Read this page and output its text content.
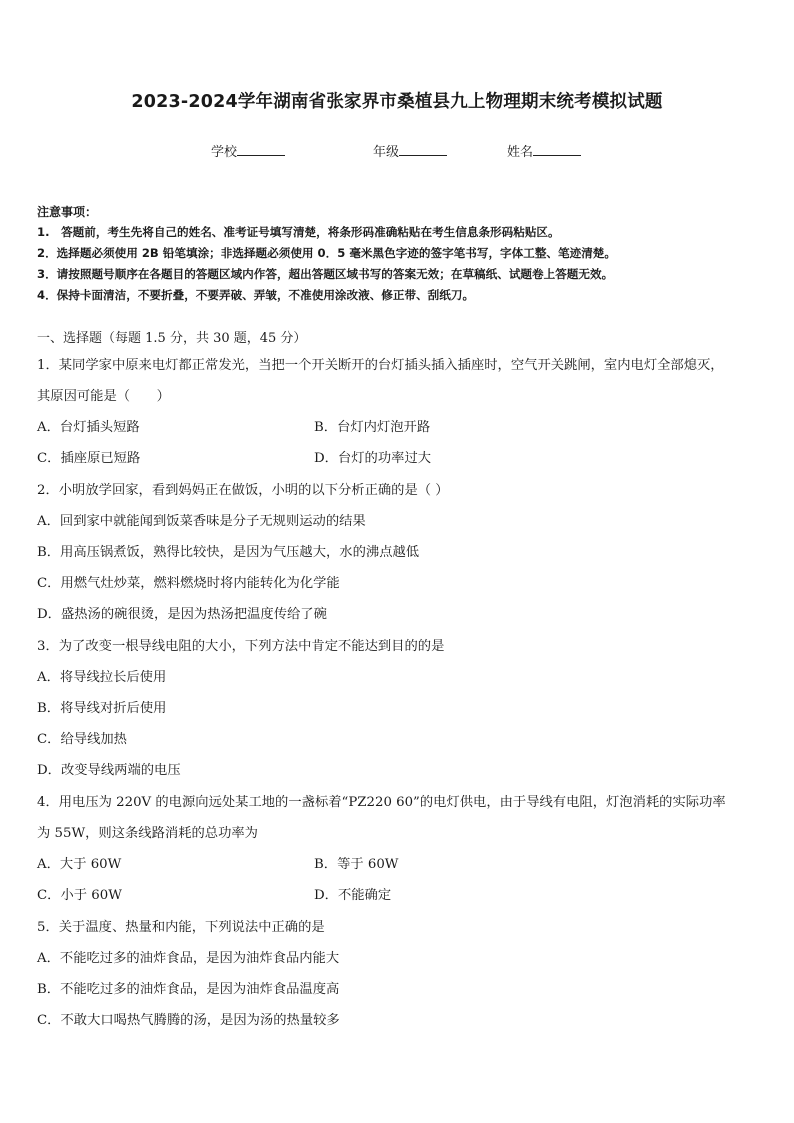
2023-2024学年湖南省张家界市桑植县九上物理期末统考模拟试题
学校	年级	姓名
注意事项：
1.　答题前，考生先将自己的姓名、准考证号填写清楚，将条形码准确粘贴在考生信息条形码粘贴区。
2．选择题必须使用 2B 铅笔填涂；非选择题必须使用 0．5 毫米黑色字迹的签字笔书写，字体工整、笔迹清楚。
3．请按照题号顺序在各题目的答题区域内作答，超出答题区域书写的答案无效；在草稿纸、试题卷上答题无效。
4．保持卡面清洁，不要折叠，不要弄破、弄皱，不准使用涂改液、修正带、刮纸刀。
一、选择题（每题 1.5 分，共 30 题，45 分）
1．某同学家中原来电灯都正常发光，当把一个开关断开的台灯插头插入插座时，空气开关跳闸，室内电灯全部熄灭，
其原因可能是（　　）
A．台灯插头短路	B．台灯内灯泡开路
C．插座原已短路	D．台灯的功率过大
2．小明放学回家，看到妈妈正在做饭，小明的以下分析正确的是（ ）
A．回到家中就能闻到饭菜香味是分子无规则运动的结果
B．用高压锅煮饭，熟得比较快，是因为气压越大，水的沸点越低
C．用燃气灶炒菜，燃料燃烧时将内能转化为化学能
D．盛热汤的碗很烫，是因为热汤把温度传给了碗
3．为了改变一根导线电阻的大小，下列方法中肯定不能达到目的的是
A．将导线拉长后使用
B．将导线对折后使用
C．给导线加热
D．改变导线两端的电压
4．用电压为 220V 的电源向远处某工地的一盏标着“PZ220 60”的电灯供电，由于导线有电阻，灯泡消耗的实际功率
为 55W，则这条线路消耗的总功率为
A．大于 60W	B．等于 60W
C．小于 60W	D．不能确定
5．关于温度、热量和内能，下列说法中正确的是
A．不能吃过多的油炸食品，是因为油炸食品内能大
B．不能吃过多的油炸食品，是因为油炸食品温度高
C．不敢大口喝热气腾腾的汤，是因为汤的热量较多
